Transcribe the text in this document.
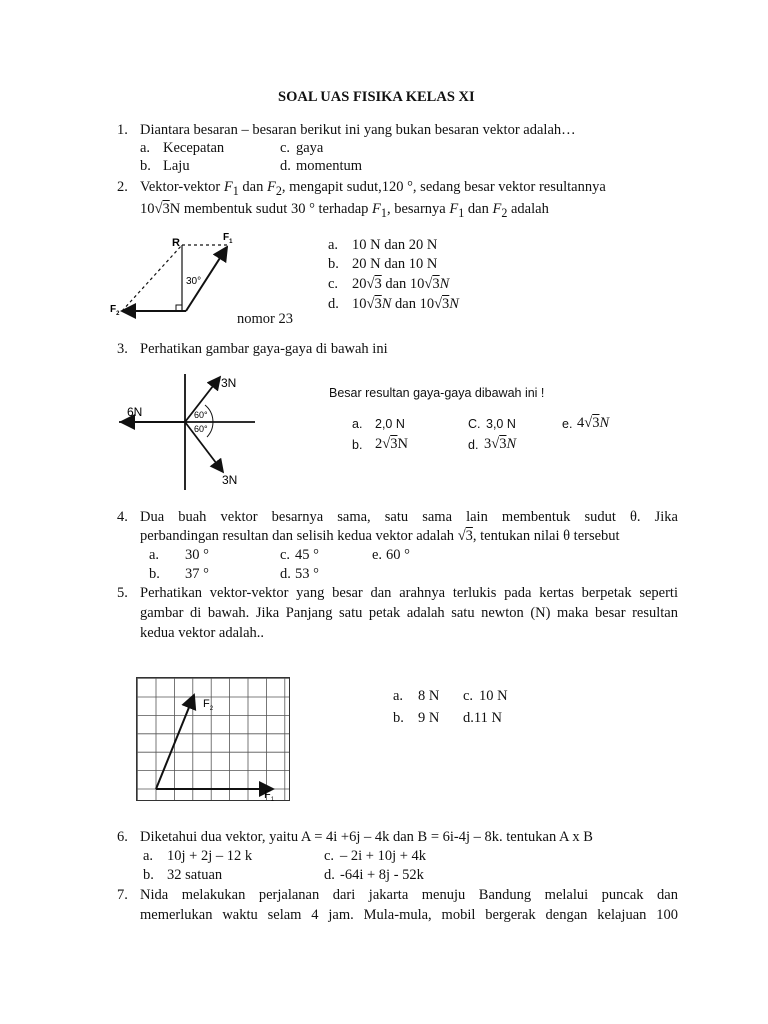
SOAL UAS FISIKA KELAS XI
1. Diantara besaran – besaran berikut ini yang bukan besaran vektor adalah…
a. Kecepatan	c. gaya
b. Laju	d. momentum
2. Vektor-vektor $F_1$ dan $F_2$, mengapit sudut,120 °, sedang besar vektor resultannya
10√3N membentuk sudut 30 ° terhadap $F_1$, besarnya $F_1$ dan $F_2$ adalah
R	$F_1$
$F_2$
30°
nomor 23
a. 10 N dan 20 N
b. 20 N dan 10 N
c. 20√3 dan 10√3N
d. 10√3N dan 10√3N
3. Perhatikan gambar gaya-gaya di bawah ini
6N
3N
3N
60°
60°
Besar resultan gaya-gaya dibawah ini !
a. 2,0 N	C. 3,0 N	e. 4√3N
b. 2√3N	d. 3√3N
4. Dua buah vektor besarnya sama, satu sama lain membentuk sudut θ. Jika
perbandingan resultan dan selisih kedua vektor adalah √3, tentukan nilai θ tersebut
a. 30 °	c. 45 °	e. 60 °
b. 37 °	d. 53 °
5. Perhatikan vektor-vektor yang besar dan arahnya terlukis pada kertas berpetak seperti
gambar di bawah. Jika Panjang satu petak adalah satu newton (N) maka besar resultan
kedua vektor adalah..
$F_2$
$F_1$
a. 8 N c. 10 N
b. 9 N d.11 N
6. Diketahui dua vektor, yaitu A = 4i +6j – 4k dan B = 6i-4j – 8k. tentukan A x B
a. 10j + 2j – 12 k	c. – 2i + 10j + 4k
b. 32 satuan	d. -64i + 8j - 52k
7. Nida melakukan perjalanan dari jakarta menuju Bandung melalui puncak dan
memerlukan waktu selam 4 jam. Mula-mula, mobil bergerak dengan kelajuan 100
